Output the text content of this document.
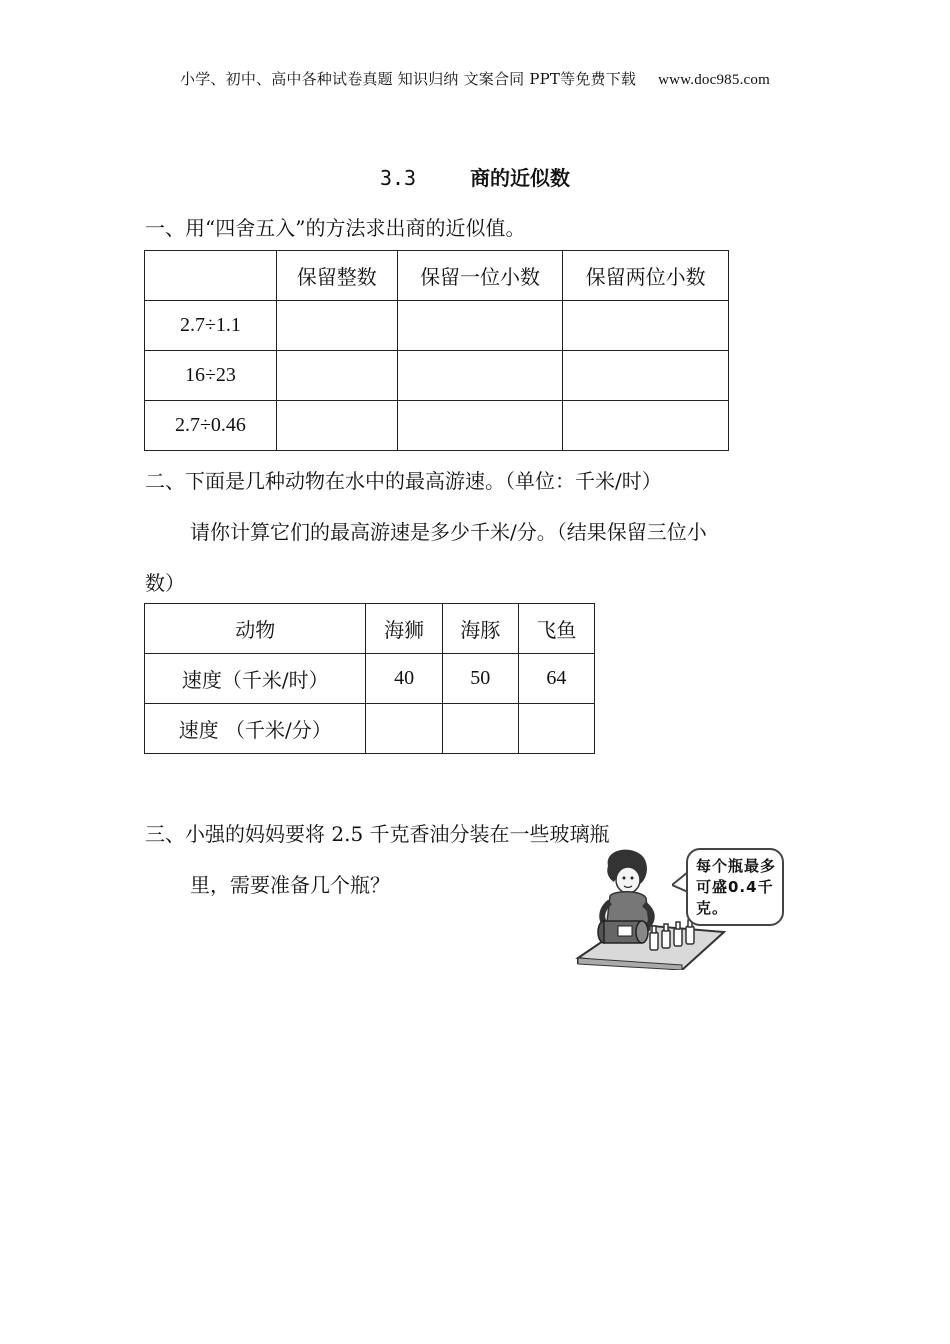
小学、初中、高中各种试卷真题 知识归纳 文案合同 PPT等免费下载 www.doc985.com
3.3	商的近似数
一、用“四舍五入”的方法求出商的近似值。
	保留整数	保留一位小数	保留两位小数
2.7÷1.1			
16÷23			
2.7÷0.46			
二、下面是几种动物在水中的最高游速。（单位：千米/时）
请你计算它们的最高游速是多少千米/分。（结果保留三位小
数）
动物	海狮	海豚	飞鱼
速度（千米/时）	40	50	64
速度 （千米/分）			
三、小强的妈妈要将 2.5 千克香油分装在一些玻璃瓶
里，需要准备几个瓶？
每个瓶最多可盛0.4千克。
